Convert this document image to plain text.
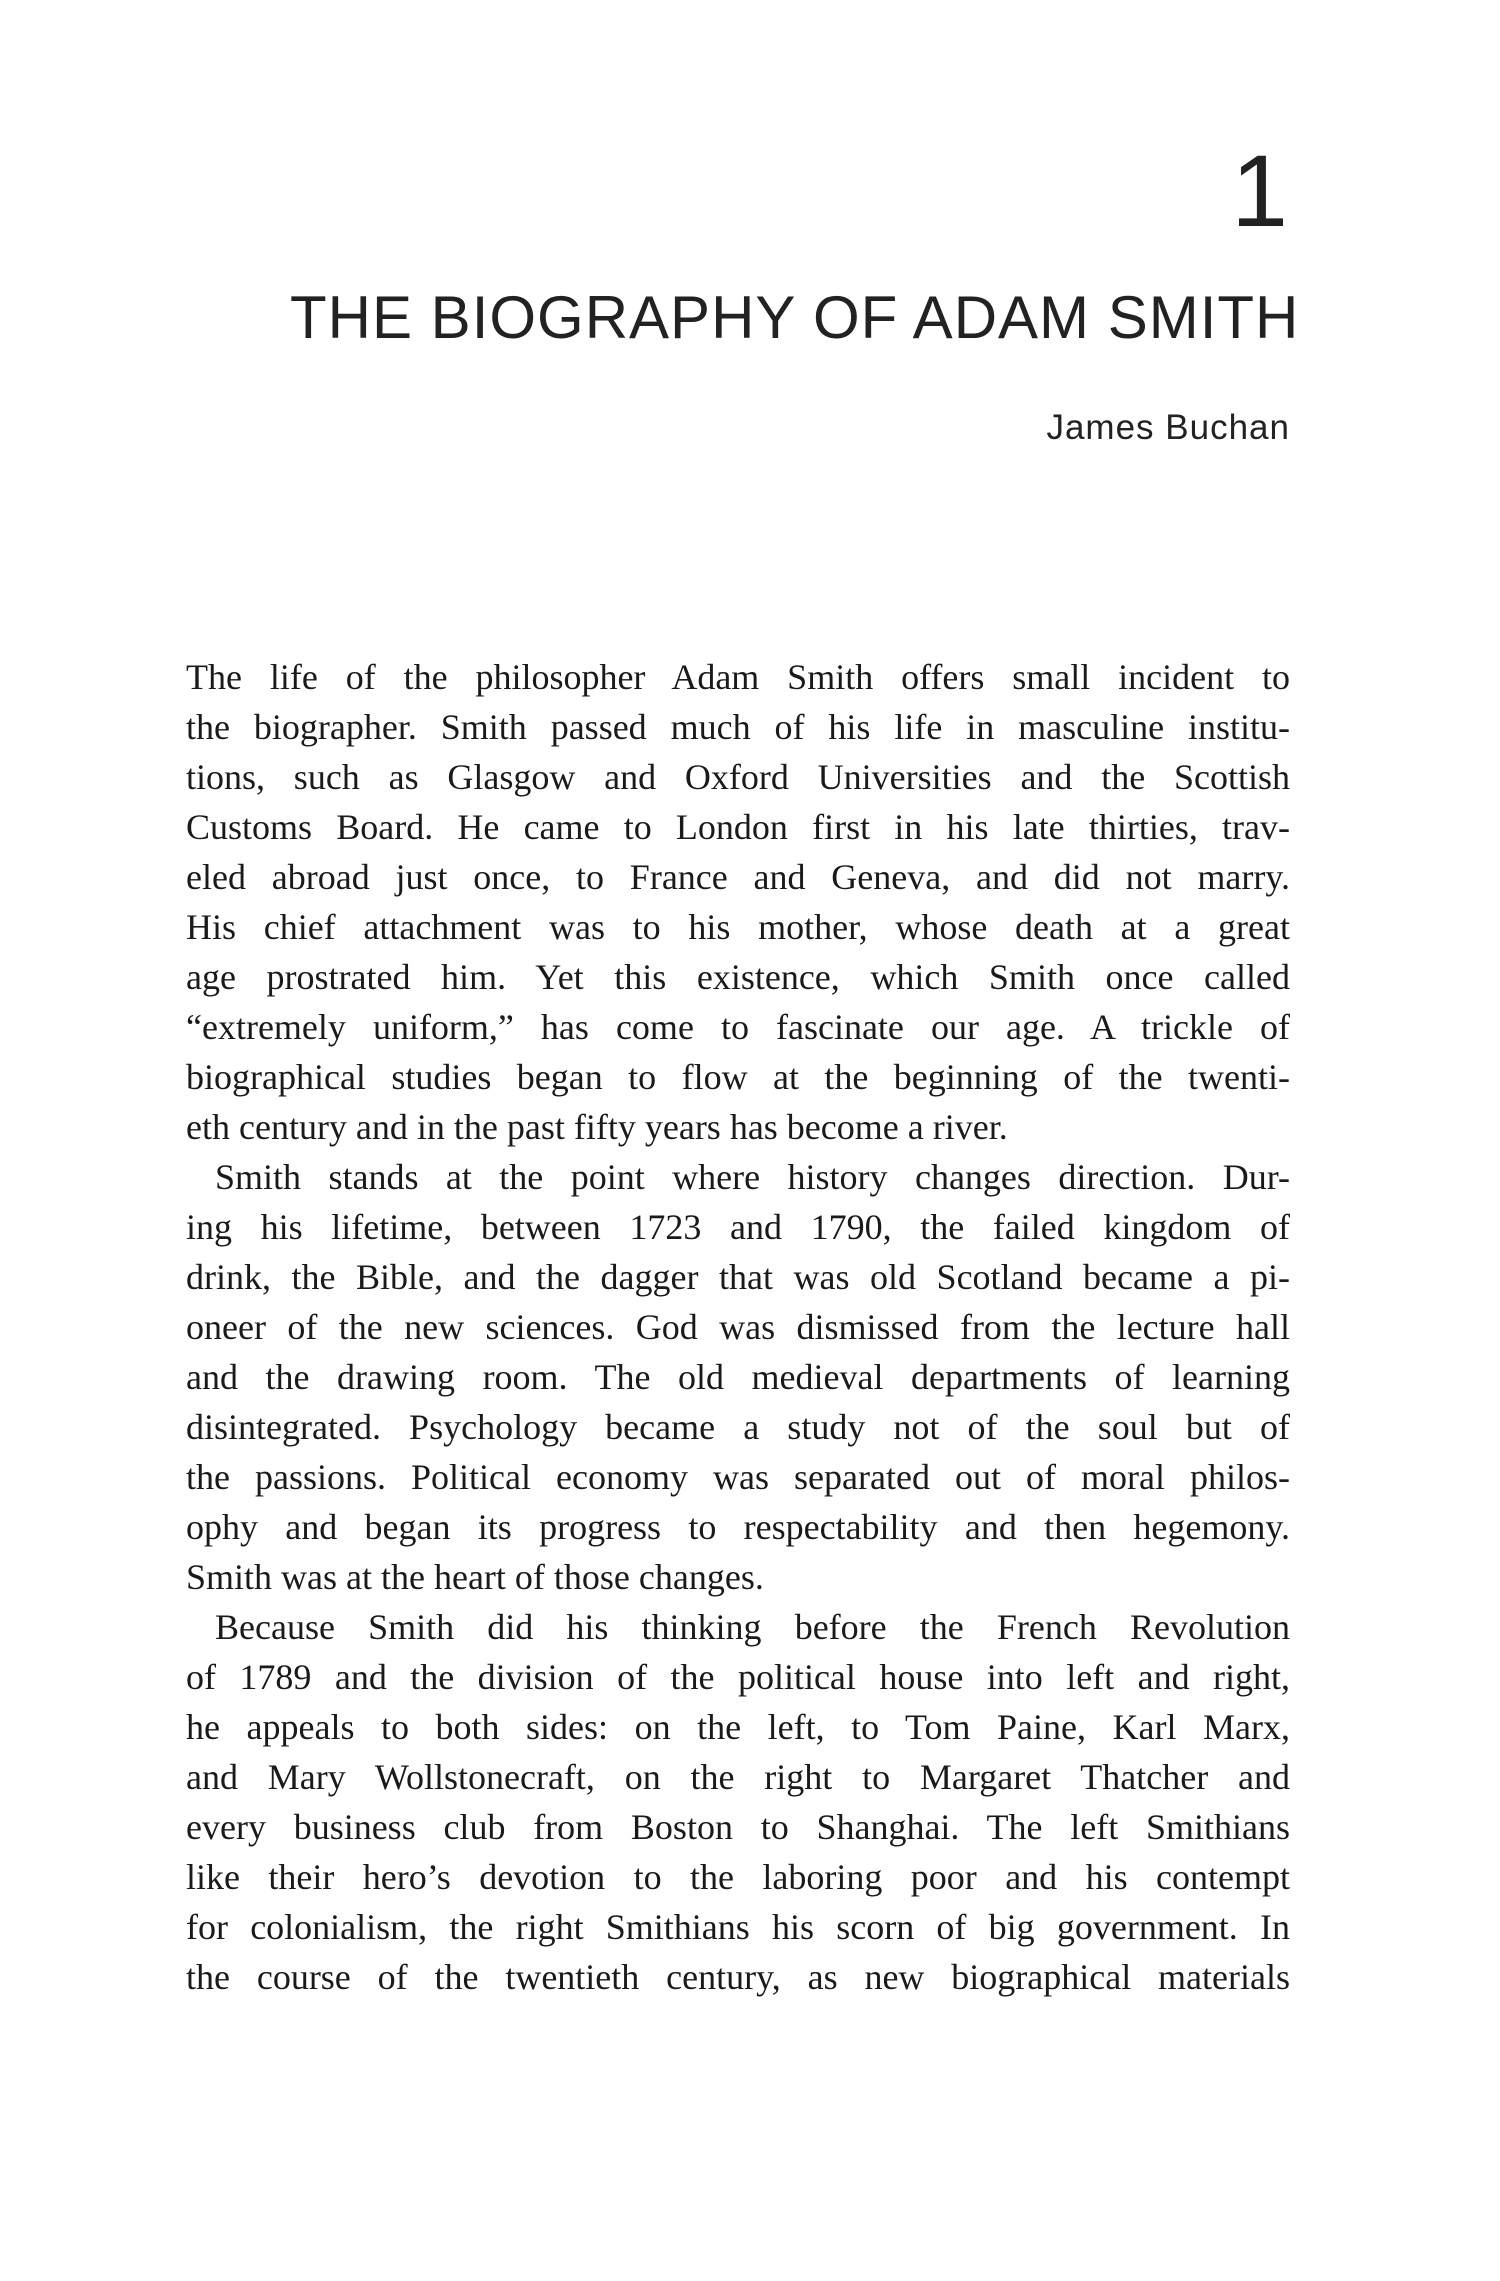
1
THE BIOGRAPHY OF ADAM SMITH
James Buchan
The life of the philosopher Adam Smith offers small incident to
the biographer. Smith passed much of his life in masculine institu-
tions, such as Glasgow and Oxford Universities and the Scottish
Customs Board. He came to London first in his late thirties, trav-
eled abroad just once, to France and Geneva, and did not marry.
His chief attachment was to his mother, whose death at a great
age prostrated him. Yet this existence, which Smith once called
“extremely uniform,” has come to fascinate our age. A trickle of
biographical studies began to flow at the beginning of the twenti-
eth century and in the past fifty years has become a river.
Smith stands at the point where history changes direction. Dur-
ing his lifetime, between 1723 and 1790, the failed kingdom of
drink, the Bible, and the dagger that was old Scotland became a pi-
oneer of the new sciences. God was dismissed from the lecture hall
and the drawing room. The old medieval departments of learning
disintegrated. Psychology became a study not of the soul but of
the passions. Political economy was separated out of moral philos-
ophy and began its progress to respectability and then hegemony.
Smith was at the heart of those changes.
Because Smith did his thinking before the French Revolution
of 1789 and the division of the political house into left and right,
he appeals to both sides: on the left, to Tom Paine, Karl Marx,
and Mary Wollstonecraft, on the right to Margaret Thatcher and
every business club from Boston to Shanghai. The left Smithians
like their hero’s devotion to the laboring poor and his contempt
for colonialism, the right Smithians his scorn of big government. In
the course of the twentieth century, as new biographical materials
